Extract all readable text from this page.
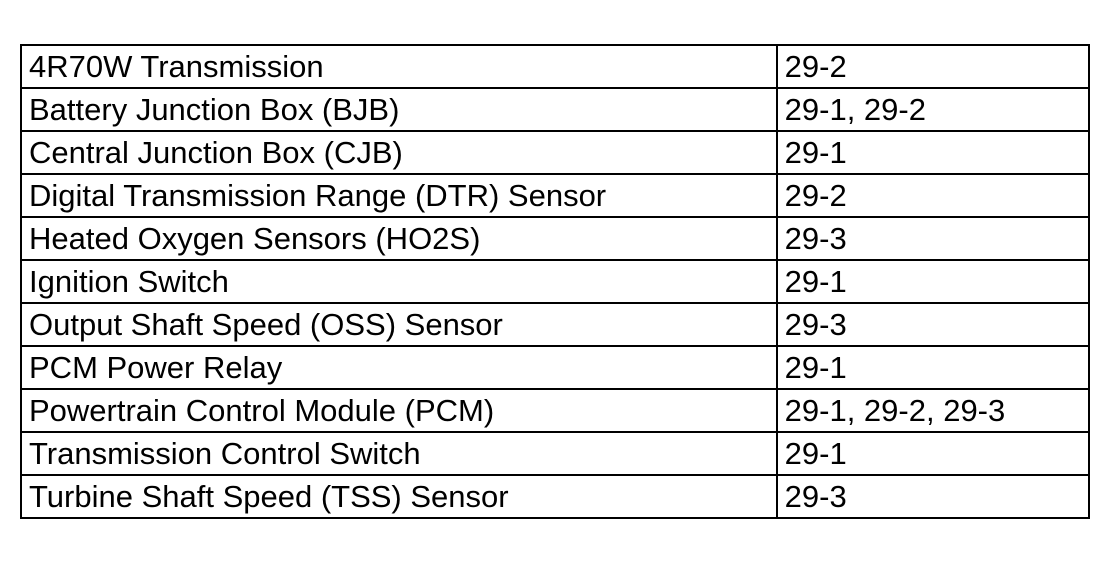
4R70W Transmission	29-2
Battery Junction Box (BJB)	29-1, 29-2
Central Junction Box (CJB)	29-1
Digital Transmission Range (DTR) Sensor	29-2
Heated Oxygen Sensors (HO2S)	29-3
Ignition Switch	29-1
Output Shaft Speed (OSS) Sensor	29-3
PCM Power Relay	29-1
Powertrain Control Module (PCM)	29-1, 29-2, 29-3
Transmission Control Switch	29-1
Turbine Shaft Speed (TSS) Sensor	29-3
